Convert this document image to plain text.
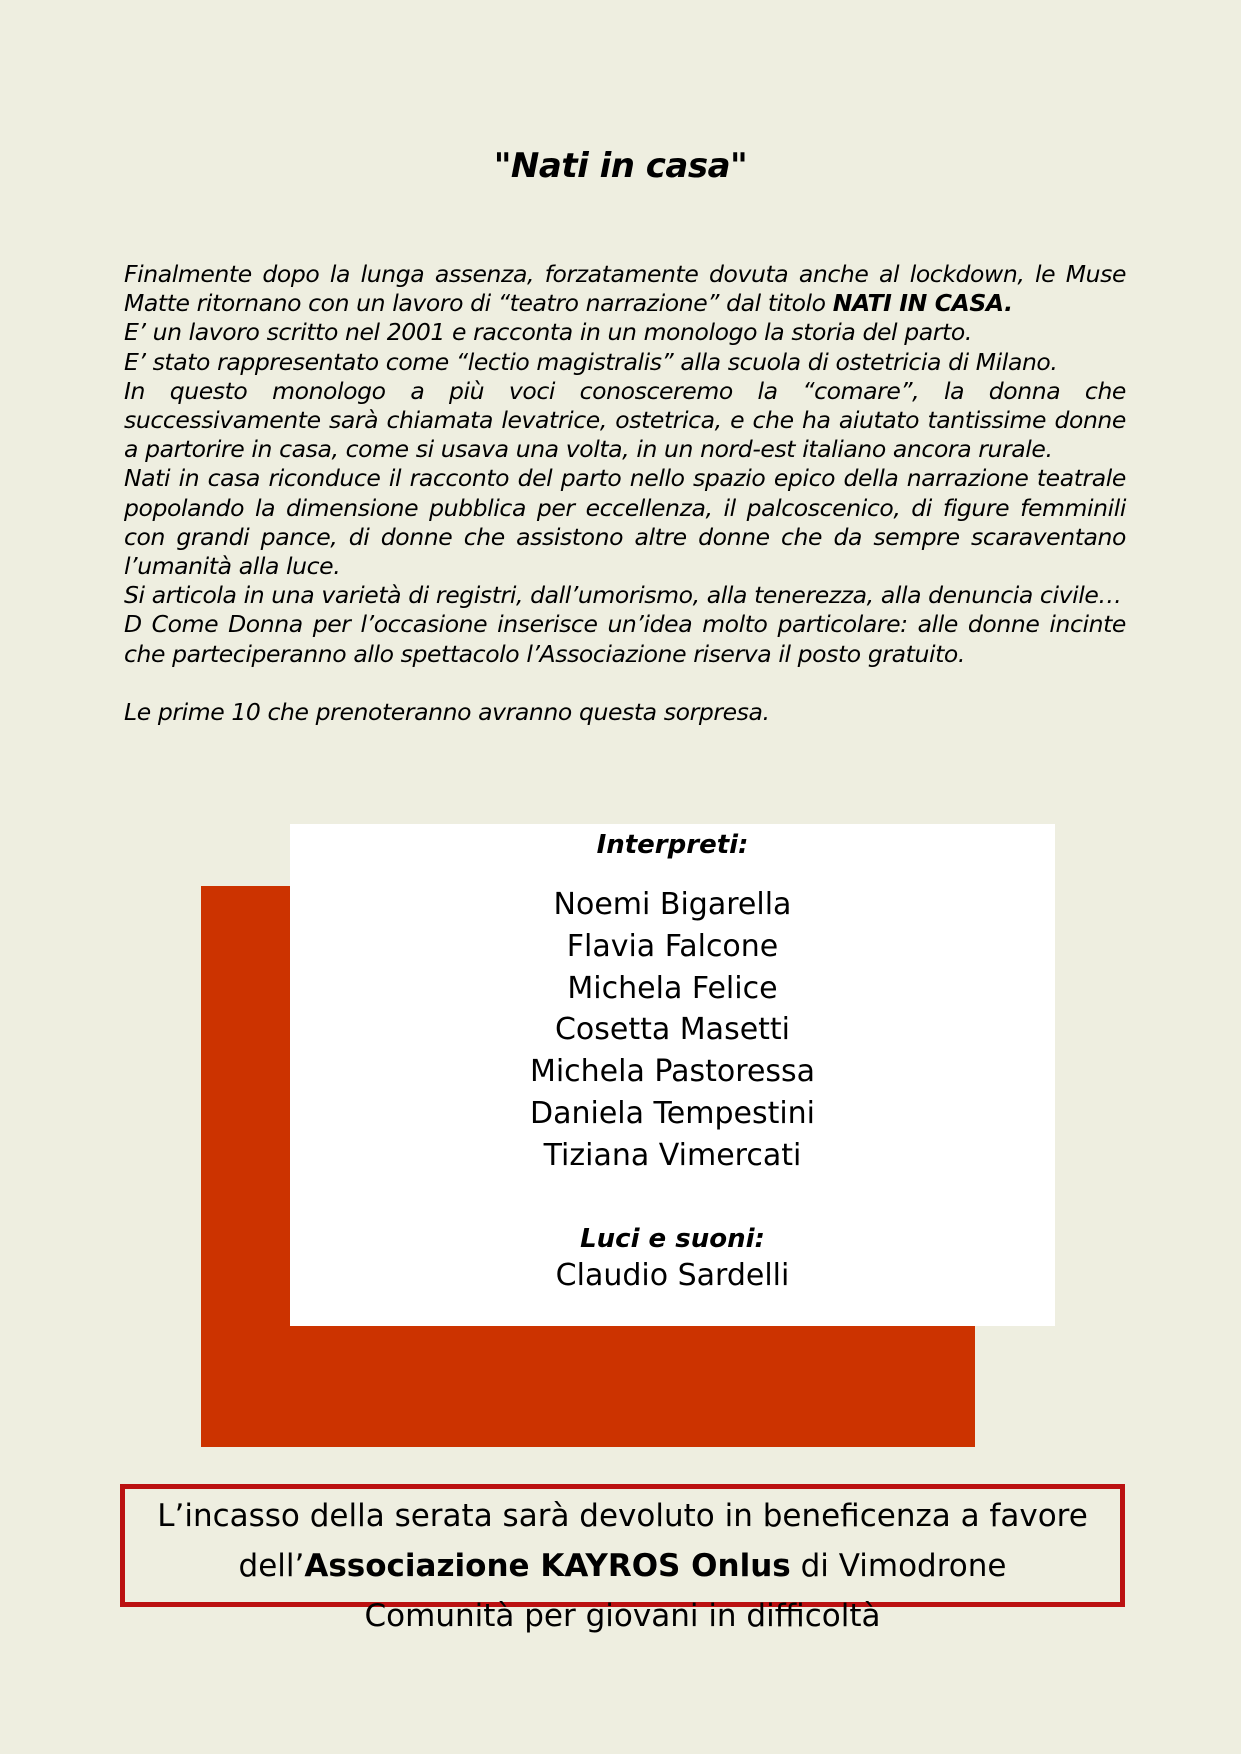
"Nati in casa"

Finalmente dopo la lunga assenza, forzatamente dovuta anche al lockdown, le Muse Matte ritornano con un lavoro di “teatro narrazione” dal titolo NATI IN CASA.

E’ un lavoro scritto nel 2001 e racconta in un monologo la storia del parto.

E’ stato rappresentato come “lectio magistralis” alla scuola di ostetricia di Milano.

In questo monologo a più voci conosceremo la “comare”, la donna che successivamente sarà chiamata levatrice, ostetrica, e che ha aiutato tantissime donne a partorire in casa, come si usava una volta, in un nord-est italiano ancora rurale.

Nati in casa riconduce il racconto del parto nello spazio epico della narrazione teatrale popolando la dimensione pubblica per eccellenza, il palcoscenico, di figure femminili con grandi pance, di donne che assistono altre donne che da sempre scaraventano l’umanità alla luce.

Si articola in una varietà di registri, dall’umorismo, alla tenerezza, alla denuncia civile…

D Come Donna per l’occasione inserisce un’idea molto particolare: alle donne incinte che parteciperanno allo spettacolo l’Associazione riserva il posto gratuito.

Le prime 10 che prenoteranno avranno questa sorpresa.

Interpreti:
Noemi Bigarella
Flavia Falcone
Michela Felice
Cosetta Masetti
Michela Pastoressa
Daniela Tempestini
Tiziana Vimercati
Luci e suoni:

Claudio Sardelli

L’incasso della serata sarà devoluto in beneficenza a favore

dell’Associazione KAYROS Onlus di Vimodrone

Comunità per giovani in difficoltà
